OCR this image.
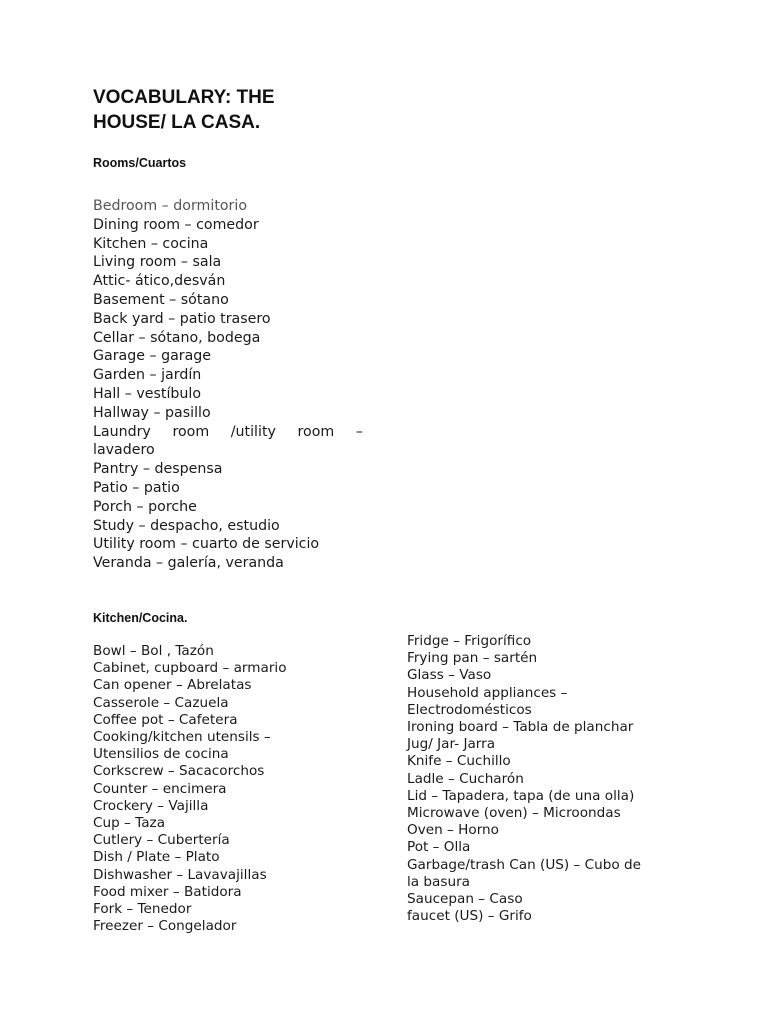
VOCABULARY: THE
HOUSE/ LA CASA.
Rooms/Cuartos
Bedroom – dormitorio
Dining room – comedor
Kitchen – cocina
Living room – sala
Attic- ático,desván
Basement – sótano
Back yard – patio trasero
Cellar – sótano, bodega
Garage – garage
Garden – jardín
Hall – vestíbulo
Hallway – pasillo
Laundry room /utility room –
lavadero
Pantry – despensa
Patio – patio
Porch – porche
Study – despacho, estudio
Utility room – cuarto de servicio
Veranda – galería, veranda
Kitchen/Cocina.
Bowl – Bol , Tazón
Cabinet, cupboard – armario
Can opener – Abrelatas
Casserole – Cazuela
Coffee pot – Cafetera
Cooking/kitchen utensils –
Utensilios de cocina
Corkscrew – Sacacorchos
Counter – encimera
Crockery – Vajilla
Cup – Taza
Cutlery – Cubertería
Dish / Plate – Plato
Dishwasher – Lavavajillas
Food mixer – Batidora
Fork – Tenedor
Freezer – Congelador
Fridge – Frigorífico
Frying pan – sartén
Glass – Vaso
Household appliances –
Electrodomésticos
Ironing board – Tabla de planchar
Jug/ Jar- Jarra
Knife – Cuchillo
Ladle – Cucharón
Lid – Tapadera, tapa (de una olla)
Microwave (oven) – Microondas
Oven – Horno
Pot – Olla
Garbage/trash Can (US) – Cubo de
la basura
Saucepan – Caso
faucet (US) – Grifo
